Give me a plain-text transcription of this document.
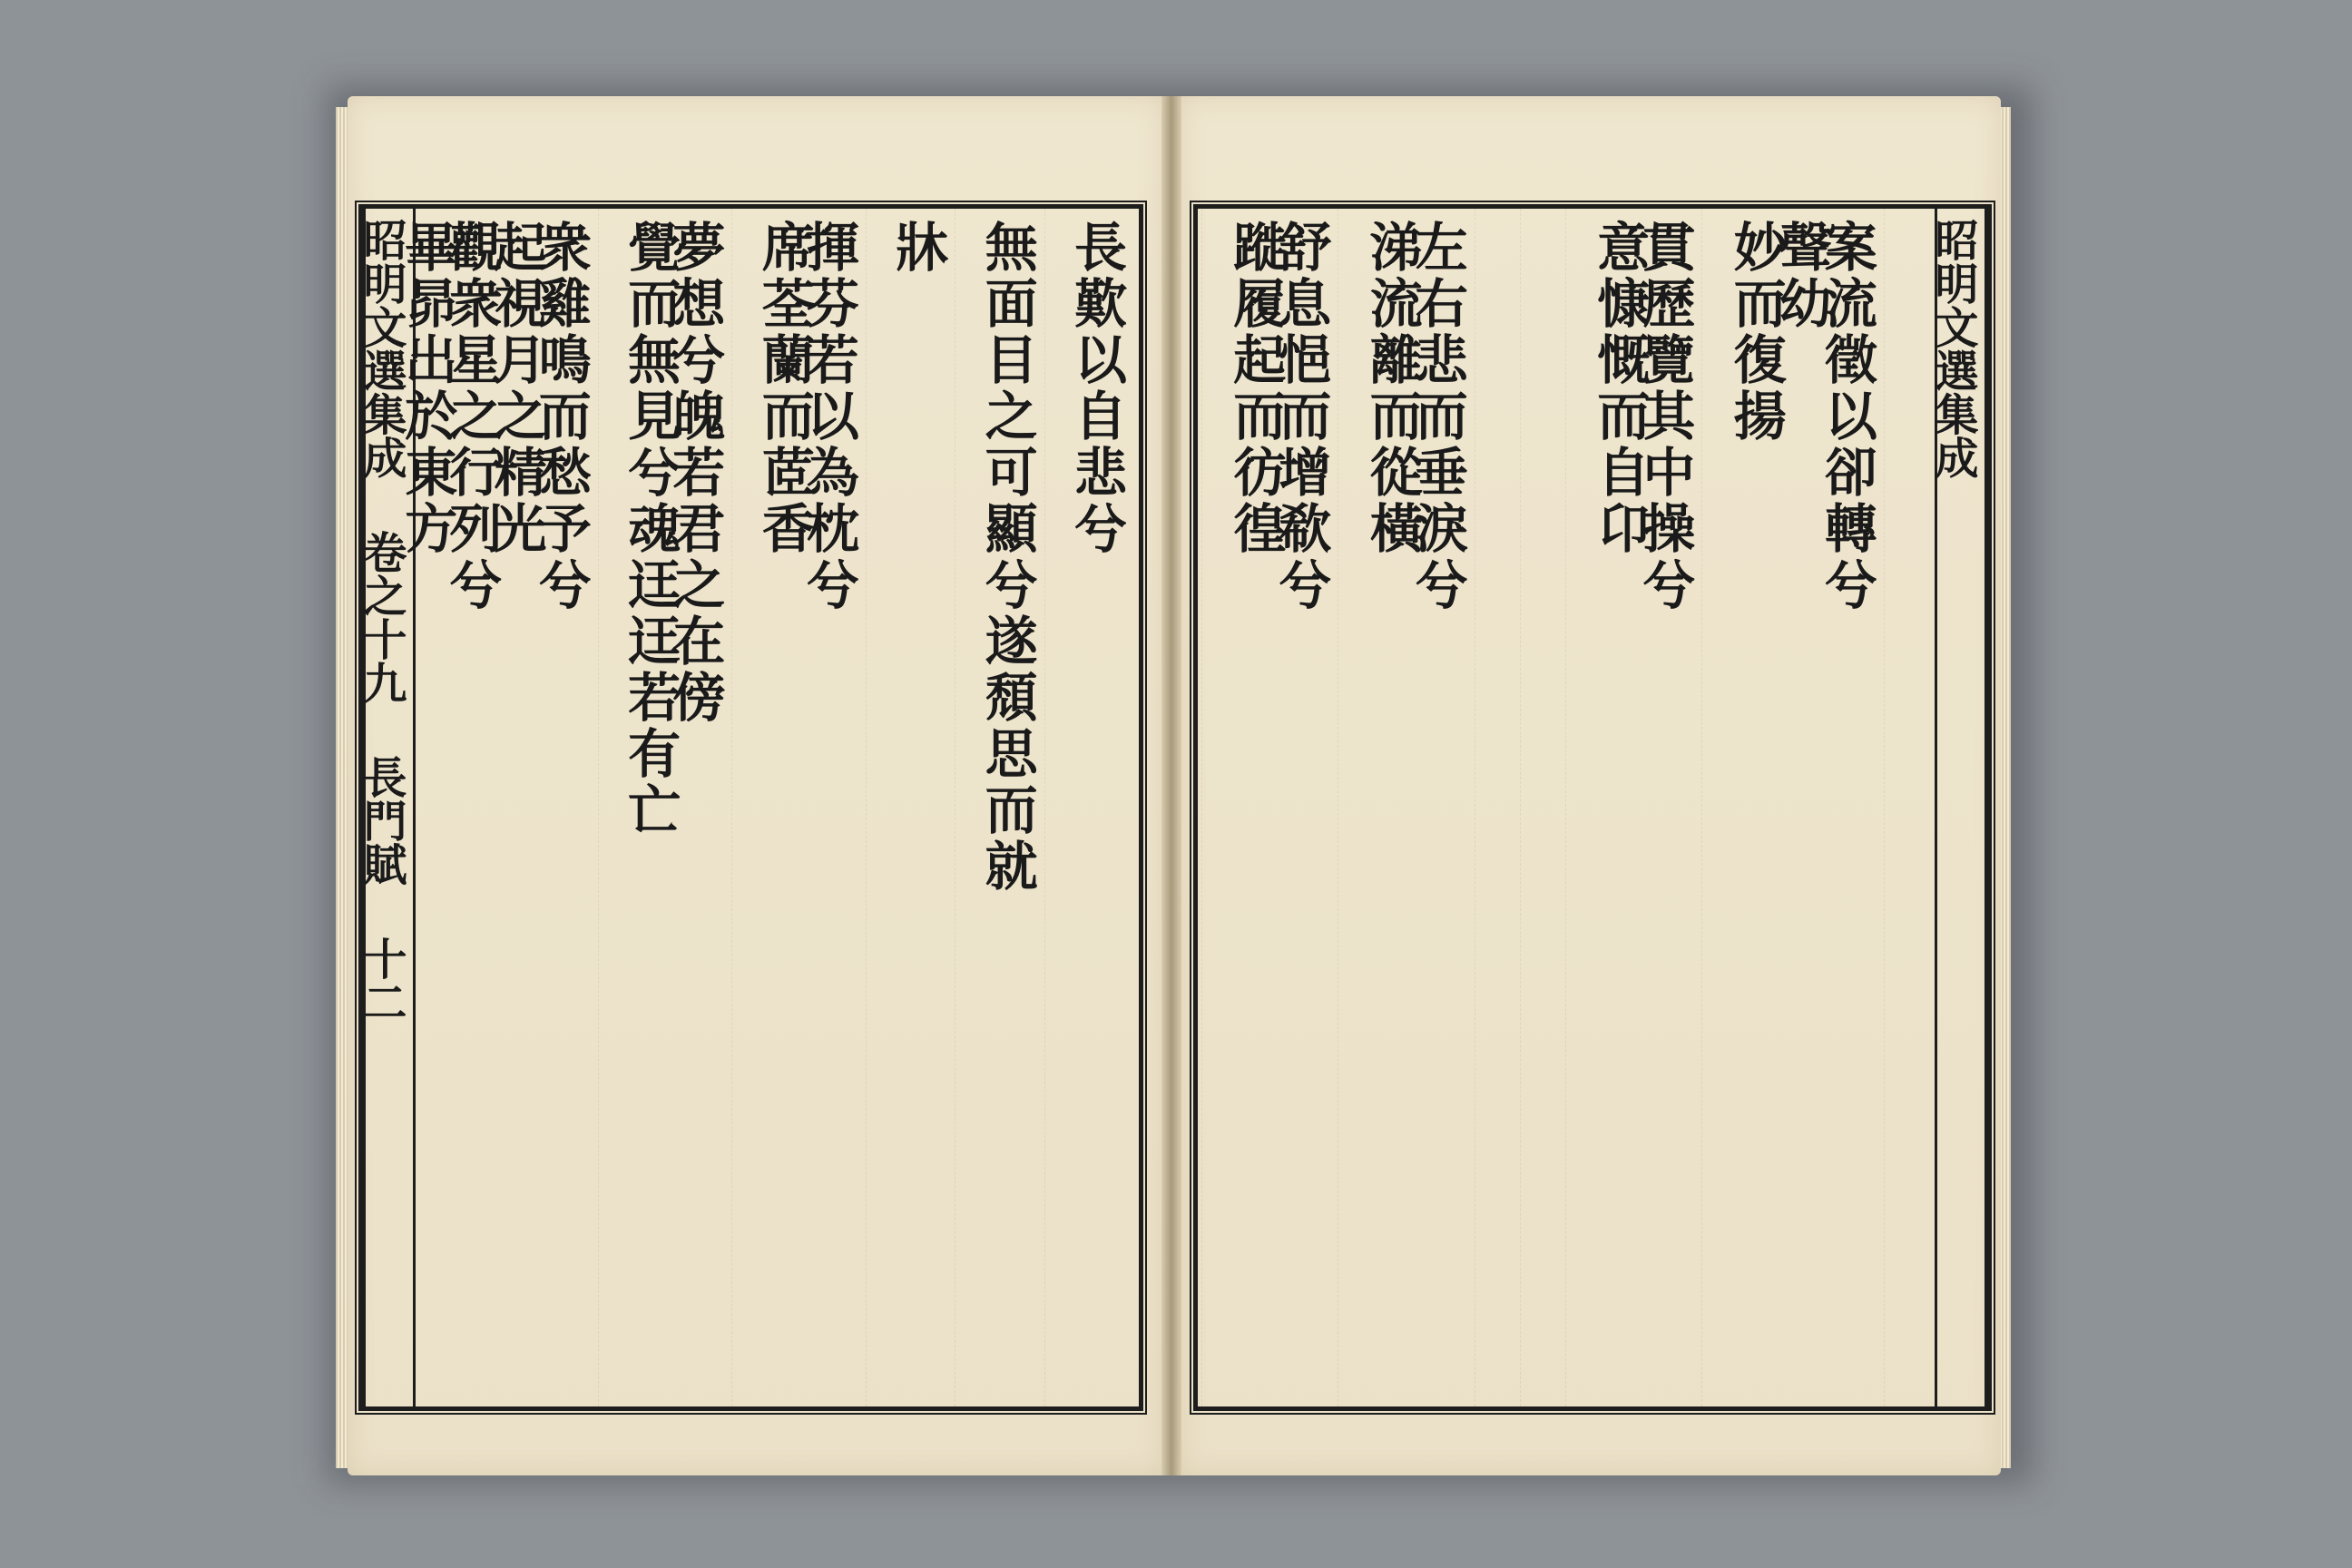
昭明文選集成 卷之十九 長門賦 十二
長歎以自悲兮
無面目之可顯兮遂頹思而就
牀
揮芬若以為枕兮
席荃蘭而茝香
夢想兮魄若君之在傍
覺而無見兮魂迋迋若有亡
衆雞鳴而愁予兮
起視月之精光
觀衆星之行列兮
畢昴出於東方	昭明文選集成
案流徵以卻轉兮
聲幼
妙而復揚
貫歷覽其中操兮
意慷慨而自卬
左右悲而垂淚兮
涕流離而從橫
舒息悒而增欷兮
蹝履起而彷徨
